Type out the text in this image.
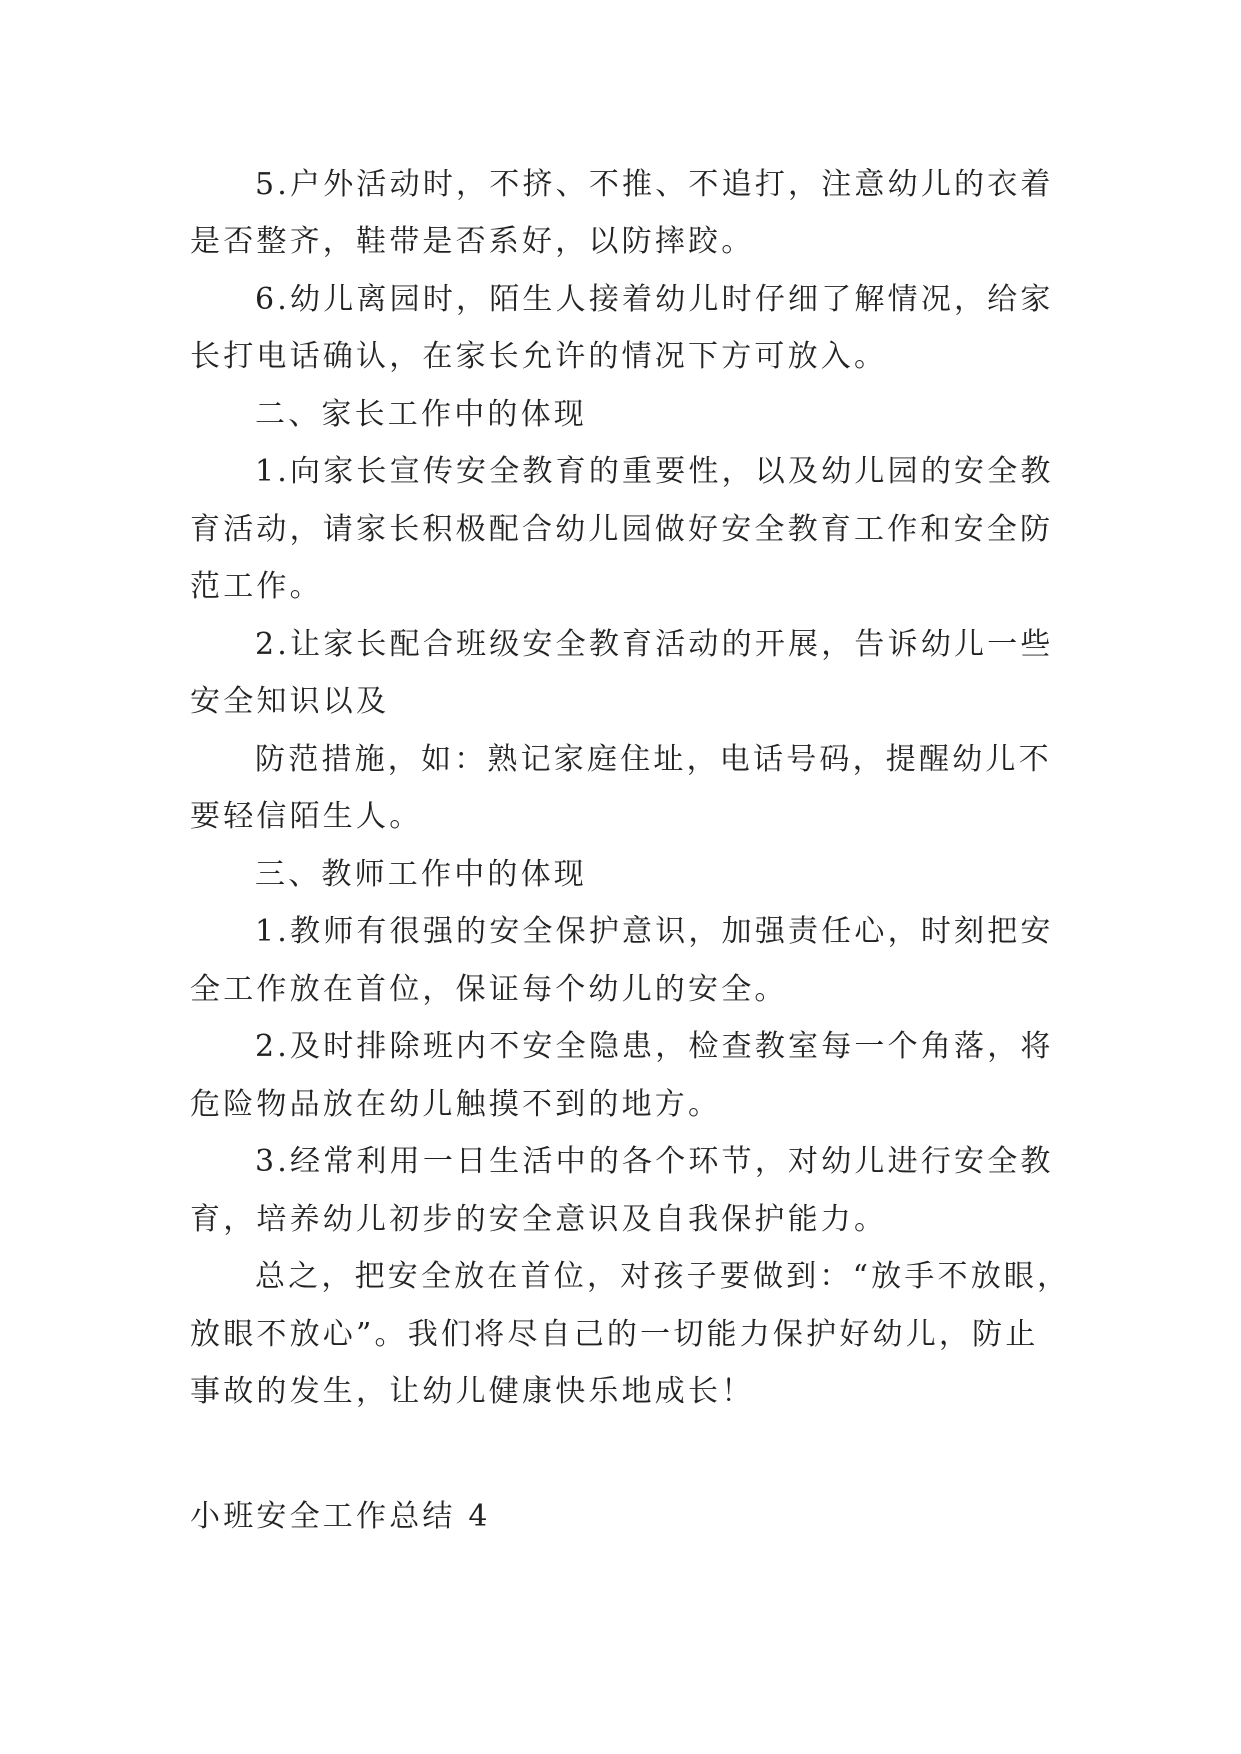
5.户外活动时，不挤、不推、不追打，注意幼儿的衣着
是否整齐，鞋带是否系好，以防摔跤。
6.幼儿离园时，陌生人接着幼儿时仔细了解情况，给家
长打电话确认，在家长允许的情况下方可放入。
二、家长工作中的体现
1.向家长宣传安全教育的重要性，以及幼儿园的安全教
育活动，请家长积极配合幼儿园做好安全教育工作和安全防
范工作。
2.让家长配合班级安全教育活动的开展，告诉幼儿一些
安全知识以及
防范措施，如：熟记家庭住址，电话号码，提醒幼儿不
要轻信陌生人。
三、教师工作中的体现
1.教师有很强的安全保护意识，加强责任心，时刻把安
全工作放在首位，保证每个幼儿的安全。
2.及时排除班内不安全隐患，检查教室每一个角落，将
危险物品放在幼儿触摸不到的地方。
3.经常利用一日生活中的各个环节，对幼儿进行安全教
育，培养幼儿初步的安全意识及自我保护能力。
总之，把安全放在首位，对孩子要做到：“放手不放眼，
放眼不放心”。我们将尽自己的一切能力保护好幼儿，防止
事故的发生，让幼儿健康快乐地成长！
小班安全工作总结 4
